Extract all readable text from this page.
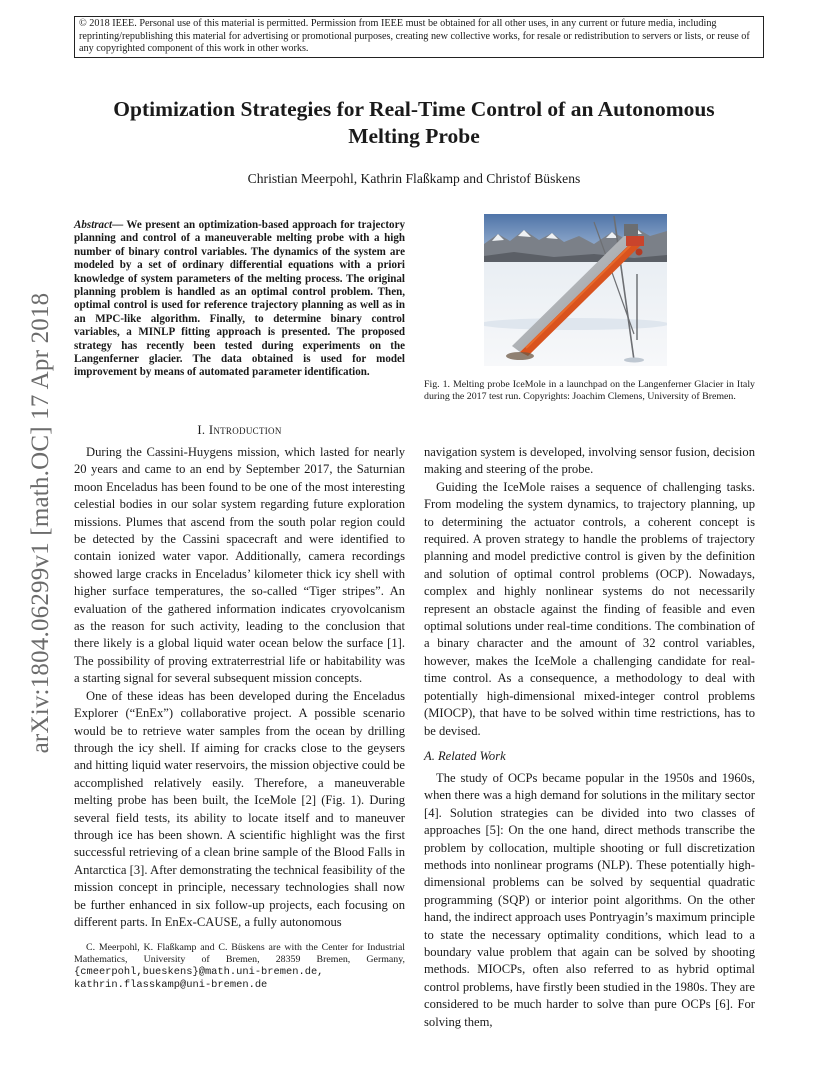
© 2018 IEEE. Personal use of this material is permitted. Permission from IEEE must be obtained for all other uses, in any current or future media, including reprinting/republishing this material for advertising or promotional purposes, creating new collective works, for resale or redistribution to servers or lists, or reuse of any copyrighted component of this work in other works.
arXiv:1804.06299v1 [math.OC] 17 Apr 2018
Optimization Strategies for Real-Time Control of an Autonomous Melting Probe
Christian Meerpohl, Kathrin Flaßkamp and Christof Büskens
Abstract— We present an optimization-based approach for trajectory planning and control of a maneuverable melting probe with a high number of binary control variables. The dynamics of the system are modeled by a set of ordinary differential equations with a priori knowledge of system parameters of the melting process. The original planning problem is handled as an optimal control problem. Then, optimal control is used for reference trajectory planning as well as in an MPC-like algorithm. Finally, to determine binary control variables, a MINLP fitting approach is presented. The proposed strategy has recently been tested during experiments on the Langenferner glacier. The data obtained is used for model improvement by means of automated parameter identification.
Fig. 1. Melting probe IceMole in a launchpad on the Langenferner Glacier in Italy during the 2017 test run. Copyrights: Joachim Clemens, University of Bremen.
I. Introduction

During the Cassini-Huygens mission, which lasted for nearly 20 years and came to an end by September 2017, the Saturnian moon Enceladus has been found to be one of the most interesting celestial bodies in our solar system regarding future exploration missions. Plumes that ascend from the south polar region could be detected by the Cassini spacecraft and were identified to contain ionized water vapor. Additionally, camera recordings showed large cracks in Enceladus’ kilometer thick icy shell with higher surface temperatures, the so-called “Tiger stripes”. An evaluation of the gathered information indicates cryovolcanism as the reason for such activity, leading to the conclusion that there likely is a global liquid water ocean below the surface [1]. The possibility of proving extraterrestrial life or habitability was a starting signal for several subsequent mission concepts.

One of these ideas has been developed during the Enceladus Explorer (“EnEx”) collaborative project. A possible scenario would be to retrieve water samples from the ocean by drilling through the icy shell. If aiming for cracks close to the geysers and hitting liquid water reservoirs, the mission objective could be accomplished relatively easily. Therefore, a maneuverable melting probe has been built, the IceMole [2] (Fig. 1). During several field tests, its ability to locate itself and to maneuver through ice has been shown. A scientific highlight was the first successful retrieving of a clean brine sample of the Blood Falls in Antarctica [3]. After demonstrating the technical feasibility of the mission concept in principle, necessary technologies shall now be further enhanced in six follow-up projects, each focusing on different parts. In EnEx-CAUSE, a fully autonomous

C. Meerpohl, K. Flaßkamp and C. Büskens are with the Center for Industrial Mathematics, University of Bremen, 28359 Bremen, Germany, {cmeerpohl,bueskens}@math.uni-bremen.de, kathrin.flasskamp@uni-bremen.de

navigation system is developed, involving sensor fusion, decision making and steering of the probe.

Guiding the IceMole raises a sequence of challenging tasks. From modeling the system dynamics, to trajectory planning, up to determining the actuator controls, a coherent concept is required. A proven strategy to handle the problems of trajectory planning and model predictive control is given by the definition and solution of optimal control problems (OCP). Nowadays, complex and highly nonlinear systems do not necessarily represent an obstacle against the finding of feasible and even optimal solutions under real-time conditions. The combination of a binary character and the amount of 32 control variables, however, makes the IceMole a challenging candidate for real-time control. As a consequence, a methodology to deal with potentially high-dimensional mixed-integer control problems (MIOCP), that have to be solved within time restrictions, has to be devised.

A. Related Work

The study of OCPs became popular in the 1950s and 1960s, when there was a high demand for solutions in the military sector [4]. Solution strategies can be divided into two classes of approaches [5]: On the one hand, direct methods transcribe the problem by collocation, multiple shooting or full discretization methods into nonlinear programs (NLP). These potentially high-dimensional problems can be solved by sequential quadratic programming (SQP) or interior point algorithms. On the other hand, the indirect approach uses Pontryagin’s maximum principle to state the necessary optimality conditions, which lead to a boundary value problem that again can be solved by shooting methods. MIOCPs, often also referred to as hybrid optimal control problems, have firstly been studied in the 1980s. They are considered to be much harder to solve than pure OCPs [6]. For solving them,
